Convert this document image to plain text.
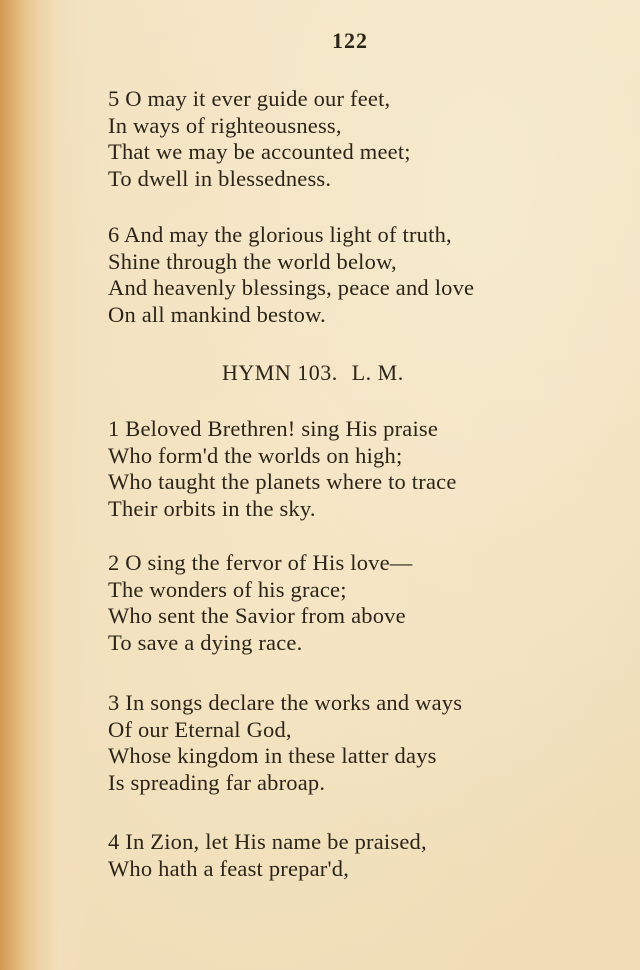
122
5 O may it ever guide our feet,
In ways of righteousness,
That we may be accounted meet;
To dwell in blessedness.
6 And may the glorious light of truth,
Shine through the world below,
And heavenly blessings, peace and love
On all mankind bestow.
HYMN 103. L. M.
1 Beloved Brethren! sing His praise
Who form'd the worlds on high;
Who taught the planets where to trace
Their orbits in the sky.
2 O sing the fervor of His love—
The wonders of his grace;
Who sent the Savior from above
To save a dying race.
3 In songs declare the works and ways
Of our Eternal God,
Whose kingdom in these latter days
Is spreading far abroap.
4 In Zion, let His name be praised,
Who hath a feast prepar'd,
